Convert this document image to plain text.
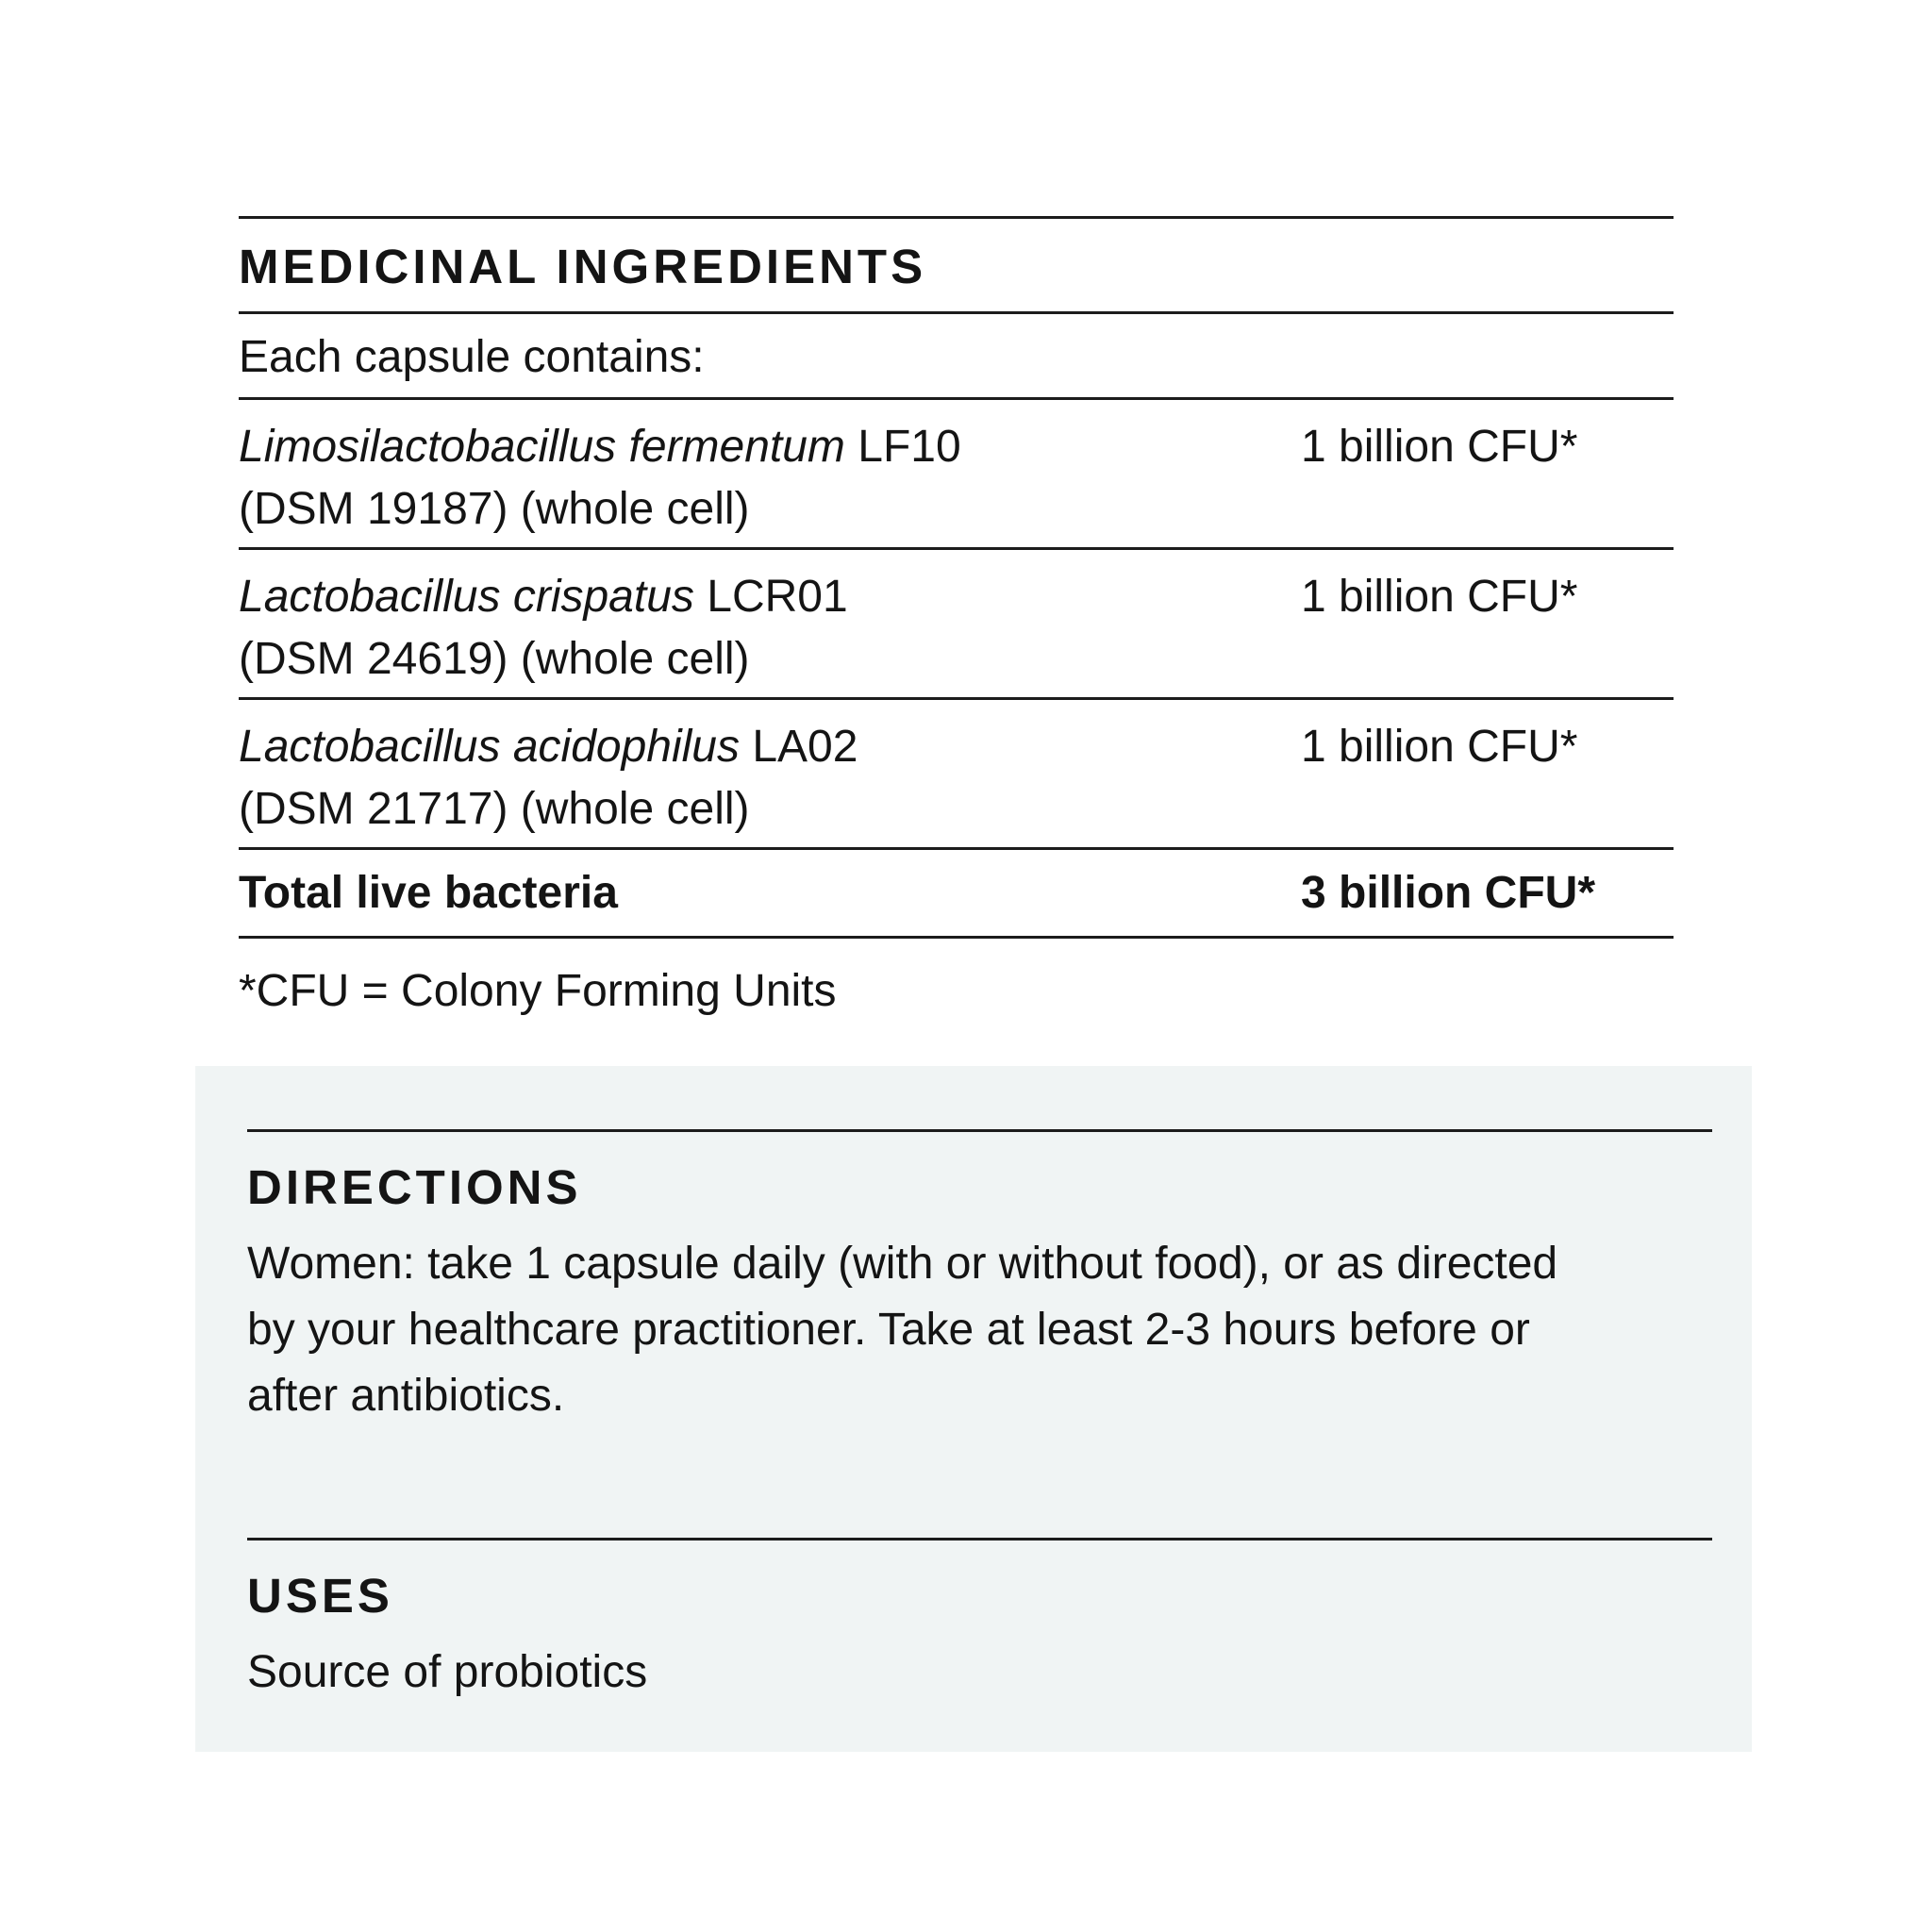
MEDICINAL INGREDIENTS
Each capsule contains:
Limosilactobacillus fermentum LF10
(DSM 19187) (whole cell)
1 billion CFU*
Lactobacillus crispatus LCR01
(DSM 24619) (whole cell)
1 billion CFU*
Lactobacillus acidophilus LA02
(DSM 21717) (whole cell)
1 billion CFU*
Total live bacteria	3 billion CFU*
*CFU = Colony Forming Units
DIRECTIONS
Women: take 1 capsule daily (with or without food), or as directed by your healthcare practitioner. Take at least 2-3 hours before or after antibiotics.
USES
Source of probiotics
